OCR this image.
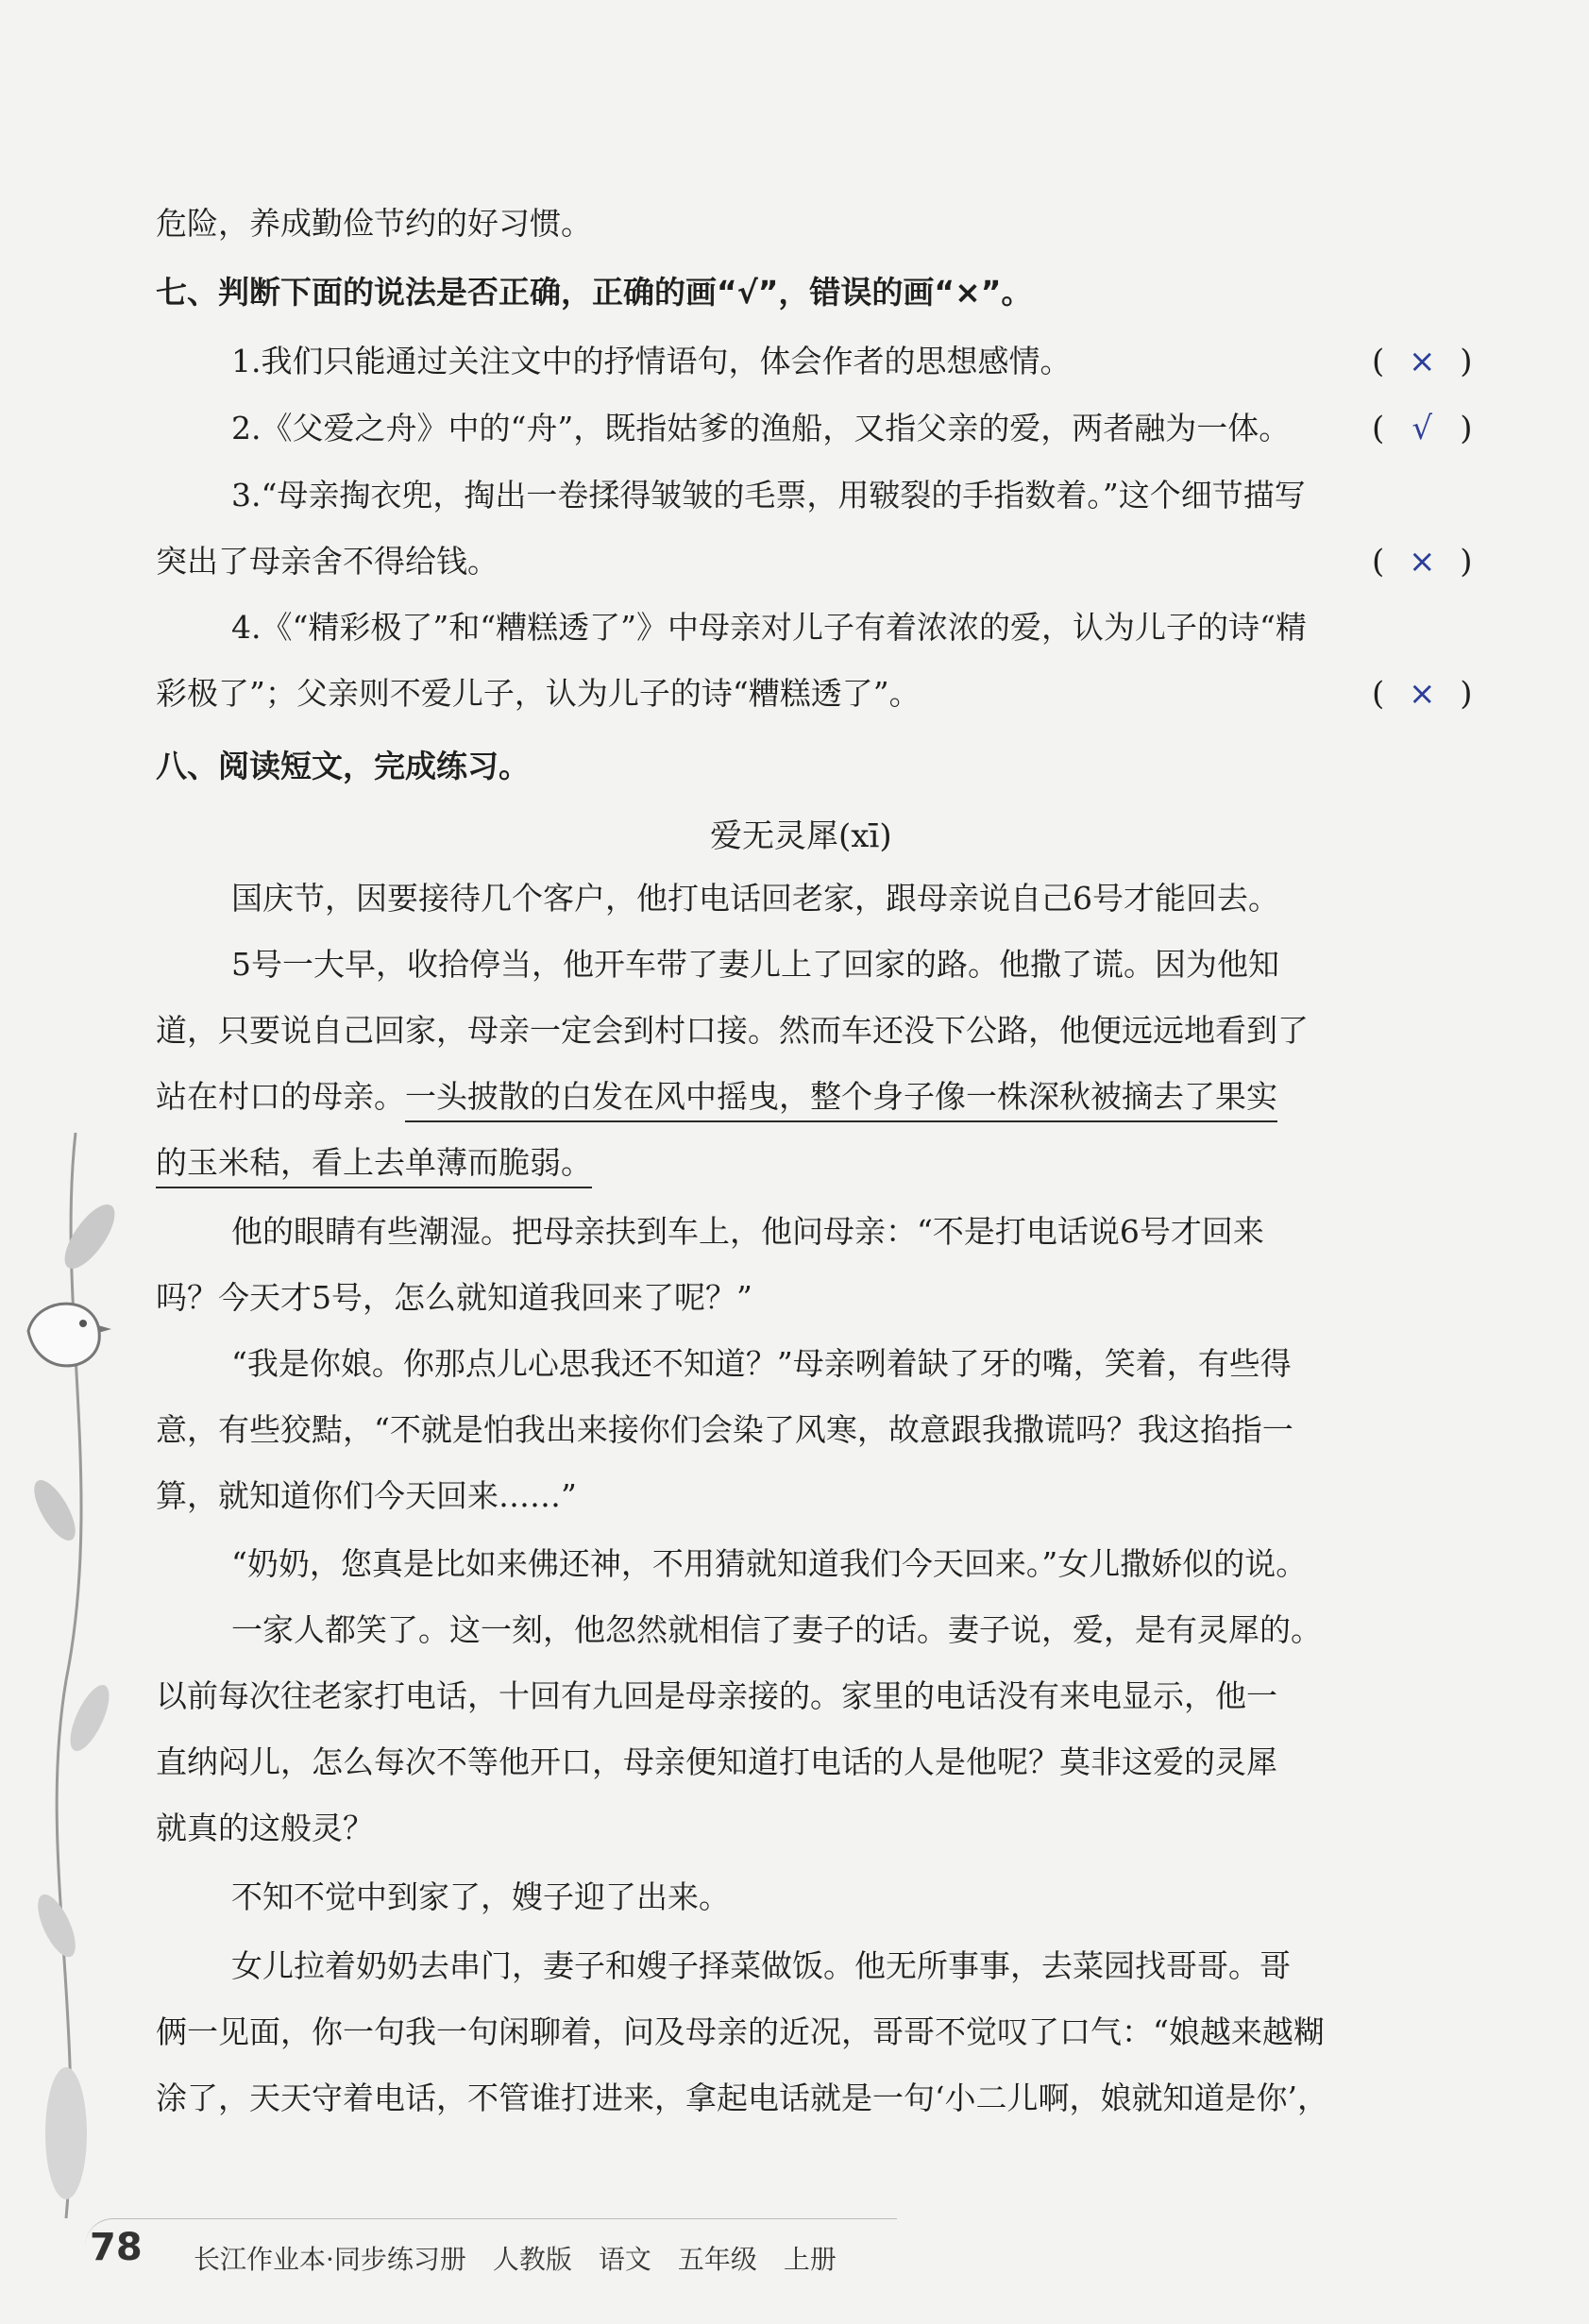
危险，养成勤俭节约的好习惯。
七、判断下面的说法是否正确，正确的画“√”，错误的画“×”。
1.我们只能通过关注文中的抒情语句，体会作者的思想感情。	( × )
2.《父爱之舟》中的“舟”，既指姑爹的渔船，又指父亲的爱，两者融为一体。	( √ )
3.“母亲掏衣兜，掏出一卷揉得皱皱的毛票，用皲裂的手指数着。”这个细节描写
突出了母亲舍不得给钱。	( × )
4.《“精彩极了”和“糟糕透了”》中母亲对儿子有着浓浓的爱，认为儿子的诗“精
彩极了”；父亲则不爱儿子，认为儿子的诗“糟糕透了”。	( × )
八、阅读短文，完成练习。
爱无灵犀(xī)
国庆节，因要接待几个客户，他打电话回老家，跟母亲说自己6号才能回去。
5号一大早，收拾停当，他开车带了妻儿上了回家的路。他撒了谎。因为他知
道，只要说自己回家，母亲一定会到村口接。然而车还没下公路，他便远远地看到了
站在村口的母亲。一头披散的白发在风中摇曳，整个身子像一株深秋被摘去了果实
的玉米秸，看上去单薄而脆弱。
他的眼睛有些潮湿。把母亲扶到车上，他问母亲：“不是打电话说6号才回来
吗？今天才5号，怎么就知道我回来了呢？”
“我是你娘。你那点儿心思我还不知道？”母亲咧着缺了牙的嘴，笑着，有些得
意，有些狡黠，“不就是怕我出来接你们会染了风寒，故意跟我撒谎吗？我这掐指一
算，就知道你们今天回来……”
“奶奶，您真是比如来佛还神，不用猜就知道我们今天回来。”女儿撒娇似的说。
一家人都笑了。这一刻，他忽然就相信了妻子的话。妻子说，爱，是有灵犀的。
以前每次往老家打电话，十回有九回是母亲接的。家里的电话没有来电显示，他一
直纳闷儿，怎么每次不等他开口，母亲便知道打电话的人是他呢？莫非这爱的灵犀
就真的这般灵？
不知不觉中到家了，嫂子迎了出来。
女儿拉着奶奶去串门，妻子和嫂子择菜做饭。他无所事事，去菜园找哥哥。哥
俩一见面，你一句我一句闲聊着，问及母亲的近况，哥哥不觉叹了口气：“娘越来越糊
涂了，天天守着电话，不管谁打进来，拿起电话就是一句‘小二儿啊，娘就知道是你’，
78 长江作业本·同步练习册　人教版　语文　五年级　上册
